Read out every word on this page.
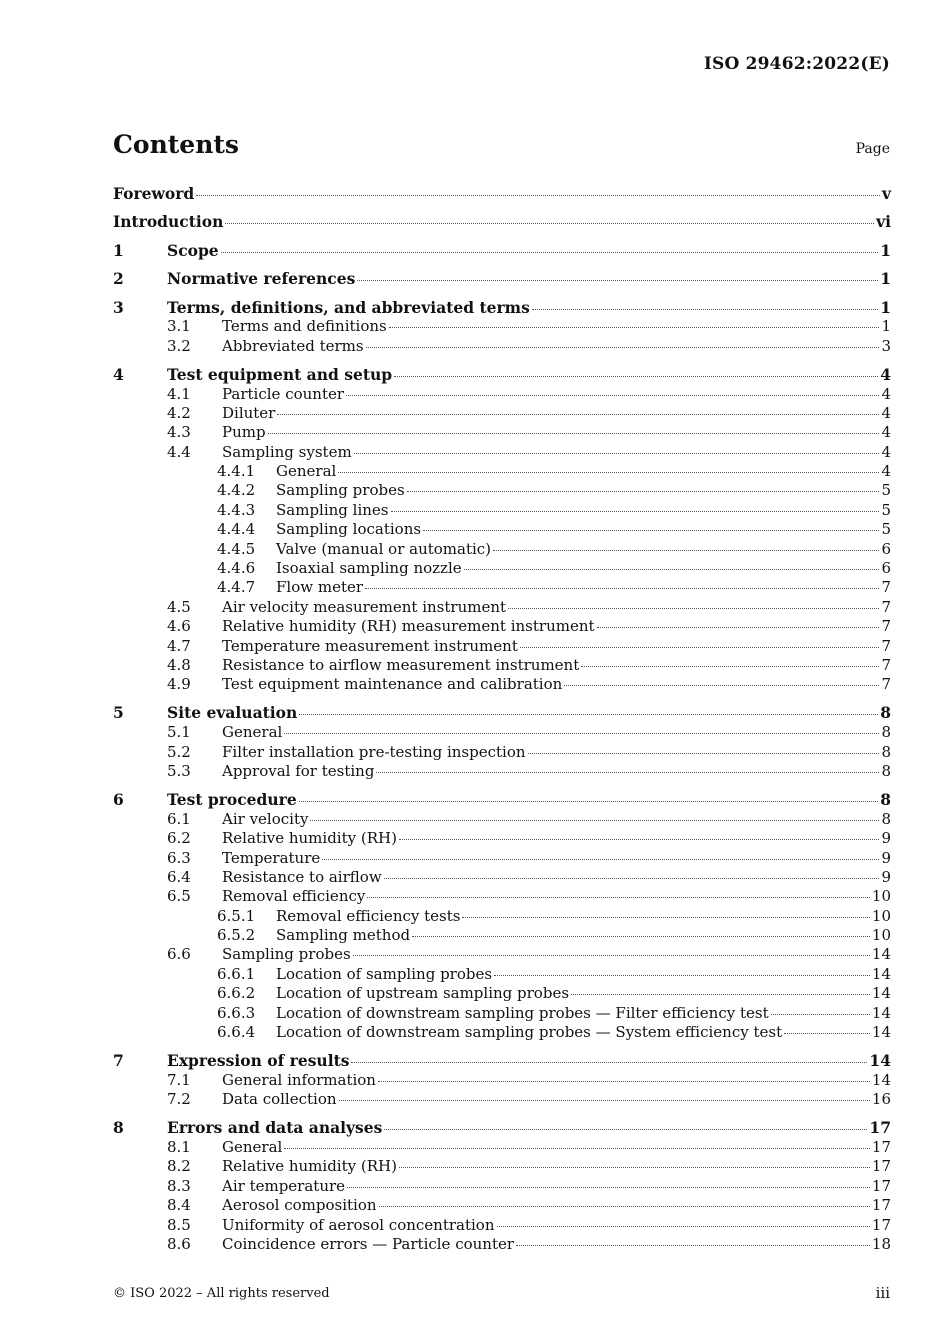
ISO 29462:2022(E)
Contents	Page
Foreword	v
Introduction	vi
1	Scope	1
2	Normative references	1
3	Terms, definitions, and abbreviated terms	1
3.1	Terms and definitions	1
3.2	Abbreviated terms	3
4	Test equipment and setup	4
4.1	Particle counter	4
4.2	Diluter	4
4.3	Pump	4
4.4	Sampling system	4
4.4.1	General	4
4.4.2	Sampling probes	5
4.4.3	Sampling lines	5
4.4.4	Sampling locations	5
4.4.5	Valve (manual or automatic)	6
4.4.6	Isoaxial sampling nozzle	6
4.4.7	Flow meter	7
4.5	Air velocity measurement instrument	7
4.6	Relative humidity (RH) measurement instrument	7
4.7	Temperature measurement instrument	7
4.8	Resistance to airflow measurement instrument	7
4.9	Test equipment maintenance and calibration	7
5	Site evaluation	8
5.1	General	8
5.2	Filter installation pre-testing inspection	8
5.3	Approval for testing	8
6	Test procedure	8
6.1	Air velocity	8
6.2	Relative humidity (RH)	9
6.3	Temperature	9
6.4	Resistance to airflow	9
6.5	Removal efficiency	10
6.5.1	Removal efficiency tests	10
6.5.2	Sampling method	10
6.6	Sampling probes	14
6.6.1	Location of sampling probes	14
6.6.2	Location of upstream sampling probes	14
6.6.3	Location of downstream sampling probes — Filter efficiency test	14
6.6.4	Location of downstream sampling probes — System efficiency test	14
7	Expression of results	14
7.1	General information	14
7.2	Data collection	16
8	Errors and data analyses	17
8.1	General	17
8.2	Relative humidity (RH)	17
8.3	Air temperature	17
8.4	Aerosol composition	17
8.5	Uniformity of aerosol concentration	17
8.6	Coincidence errors — Particle counter	18
© ISO 2022 – All rights reserved	iii
